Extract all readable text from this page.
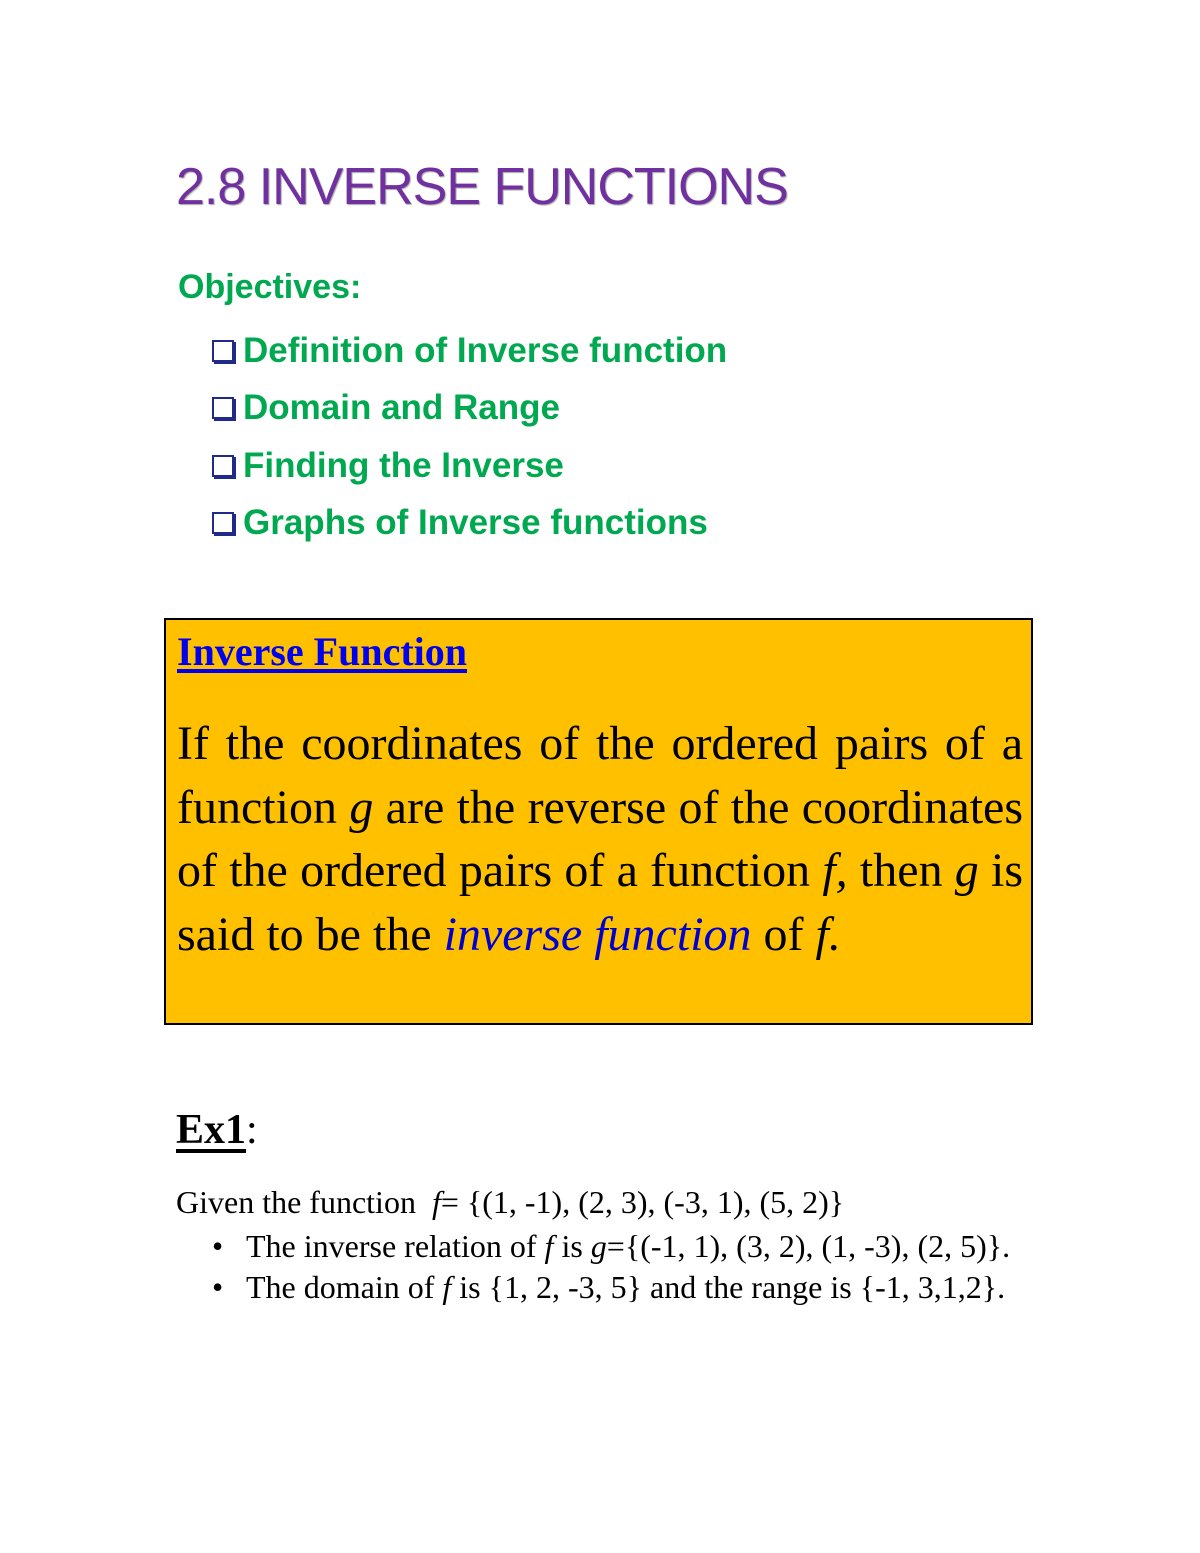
2.8 INVERSE FUNCTIONS
Objectives:
Definition of Inverse function
Domain and Range
Finding the Inverse
Graphs of Inverse functions
Inverse Function

If the coordinates of the ordered pairs of a function g are the reverse of the coordinates of the ordered pairs of a function f, then g is said to be the inverse function of f.

Ex1:
Given the function f= {(1, -1), (2, 3), (-3, 1), (5, 2)}
• The inverse relation of f is g={(-1, 1), (3, 2), (1, -3), (2, 5)}.
• The domain of f is {1, 2, -3, 5} and the range is {-1, 3,1,2}.
